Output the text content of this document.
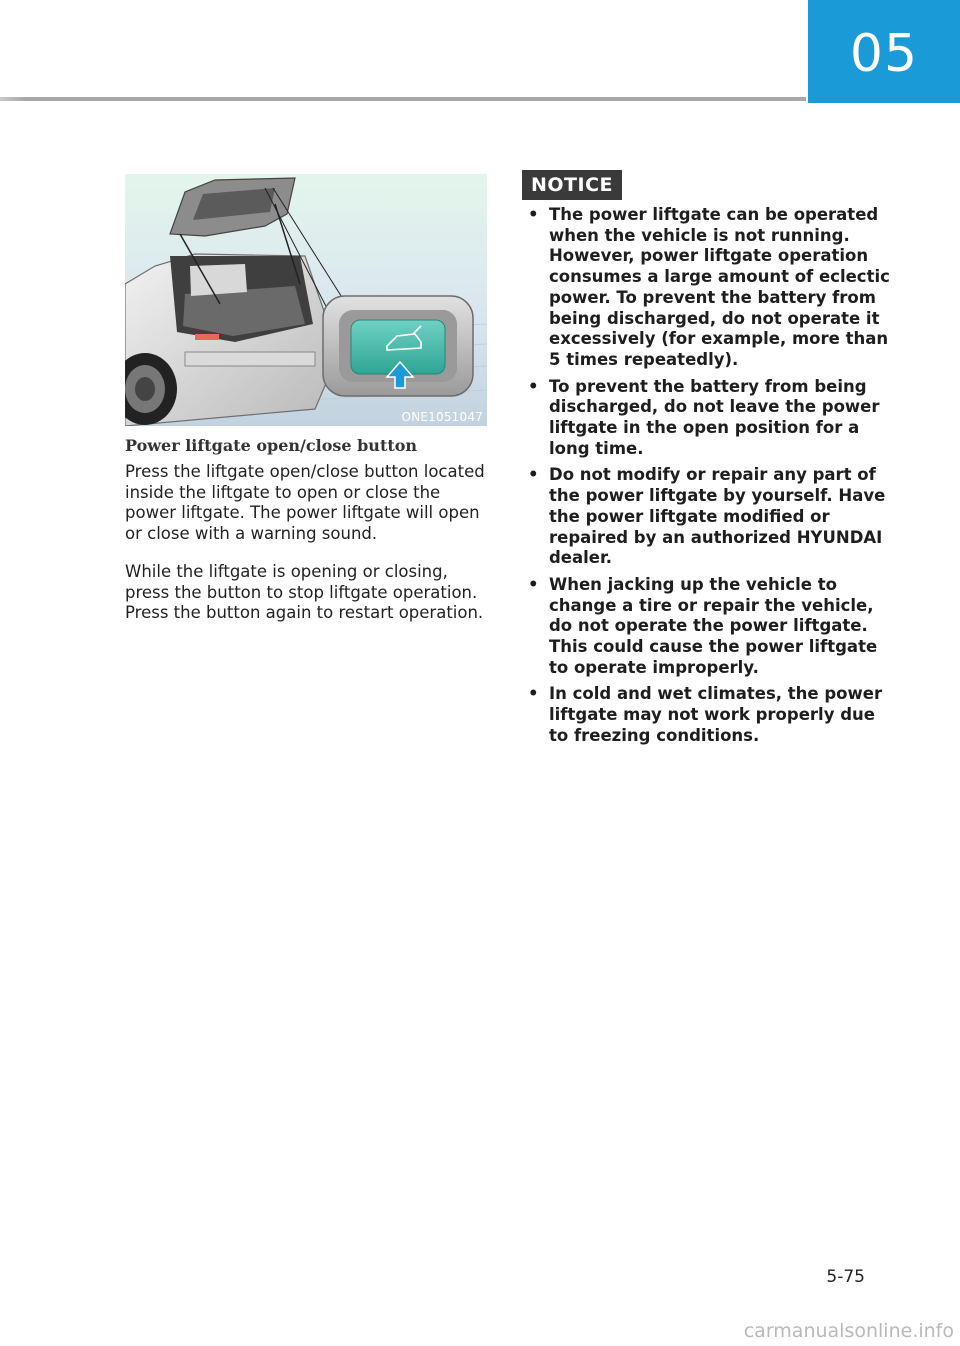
05
ONE1051047
Power liftgate open/close button

Press the liftgate open/close button located inside the liftgate to open or close the power liftgate. The power liftgate will open or close with a warning sound.

While the liftgate is opening or closing, press the button to stop liftgate operation. Press the button again to restart operation.

NOTICE
• The power liftgate can be operated when the vehicle is not running. However, power liftgate operation consumes a large amount of eclectic power. To prevent the battery from being discharged, do not operate it excessively (for example, more than 5 times repeatedly).
• To prevent the battery from being discharged, do not leave the power liftgate in the open position for a long time.
• Do not modify or repair any part of the power liftgate by yourself. Have the power liftgate modified or repaired by an authorized HYUNDAI dealer.
• When jacking up the vehicle to change a tire or repair the vehicle, do not operate the power liftgate. This could cause the power liftgate to operate improperly.
• In cold and wet climates, the power liftgate may not work properly due to freezing conditions.
5-75
carmanualsonline.info
